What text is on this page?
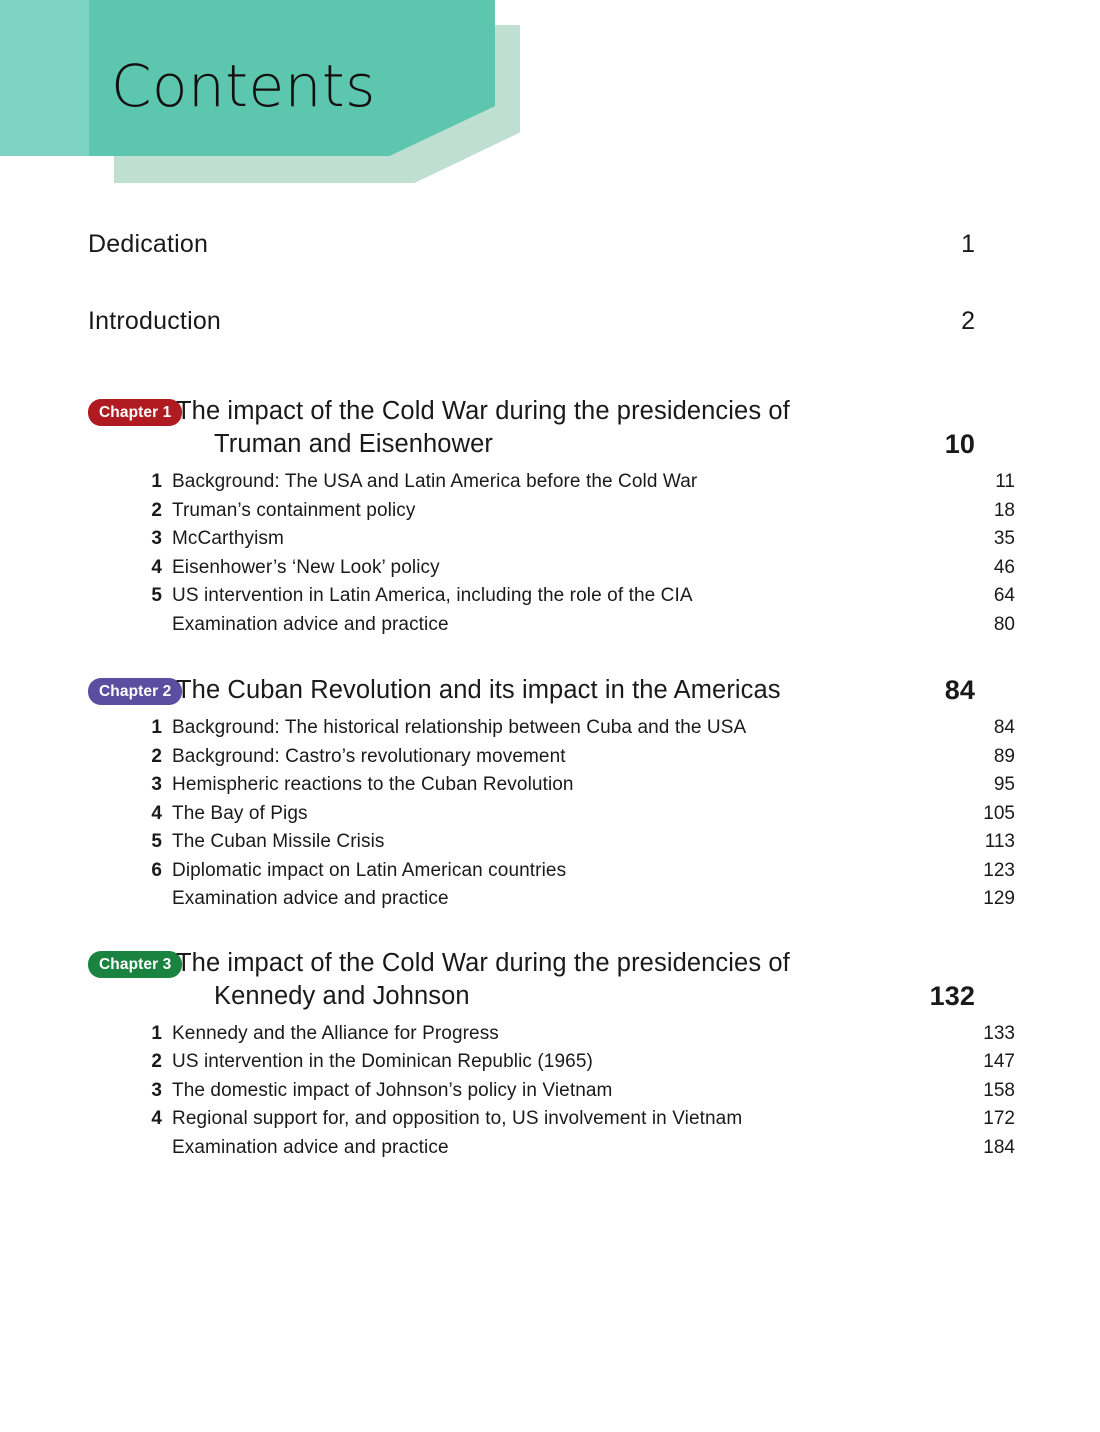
Contents
Dedication	1
Introduction	2
Chapter 1 The impact of the Cold War during the presidencies of
Truman and Eisenhower	10
1 Background: The USA and Latin America before the Cold War	11
2 Truman’s containment policy	18
3 McCarthyism	35
4 Eisenhower’s ‘New Look’ policy	46
5 US intervention in Latin America, including the role of the CIA	64
Examination advice and practice	80
Chapter 2 The Cuban Revolution and its impact in the Americas	84
1 Background: The historical relationship between Cuba and the USA	84
2 Background: Castro’s revolutionary movement	89
3 Hemispheric reactions to the Cuban Revolution	95
4 The Bay of Pigs	105
5 The Cuban Missile Crisis	113
6 Diplomatic impact on Latin American countries	123
Examination advice and practice	129
Chapter 3 The impact of the Cold War during the presidencies of
Kennedy and Johnson	132
1 Kennedy and the Alliance for Progress	133
2 US intervention in the Dominican Republic (1965)	147
3 The domestic impact of Johnson’s policy in Vietnam	158
4 Regional support for, and opposition to, US involvement in Vietnam	172
Examination advice and practice	184
